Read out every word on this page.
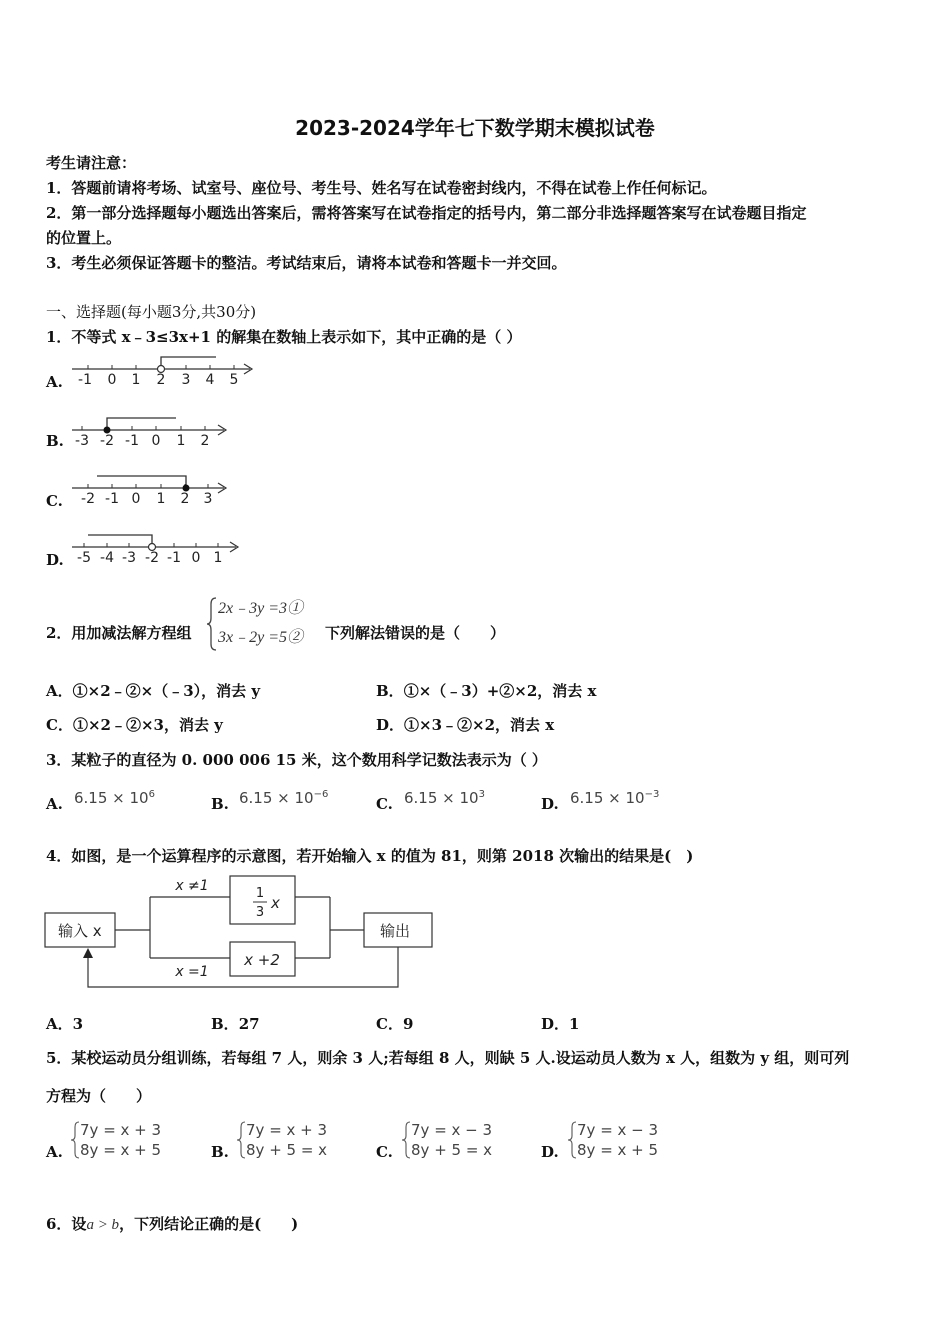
2023-2024学年七下数学期末模拟试卷
考生请注意：
1．答题前请将考场、试室号、座位号、考生号、姓名写在试卷密封线内，不得在试卷上作任何标记。
2．第一部分选择题每小题选出答案后，需将答案写在试卷指定的括号内，第二部分非选择题答案写在试卷题目指定
的位置上。
3．考生必须保证答题卡的整洁。考试结束后，请将本试卷和答题卡一并交回。
一、选择题(每小题3分,共30分)
1．不等式 x﹣3≤3x+1 的解集在数轴上表示如下，其中正确的是（ ）
A. -1 0 1 2 3 4 5
B. -3 -2 -1 0 1 2
C. -2 -1 0 1 2 3
D. -5 -4 -3 -2 -1 0 1
2．用加减法解方程组
2x﹣3y =3①
3x﹣2y =5② 下列解法错误的是（　　）
A．①×2﹣②×（﹣3），消去 y	B．①×（﹣3）+②×2，消去 x
C．①×2﹣②×3，消去 y	D．①×3﹣②×2，消去 x
3．某粒子的直径为 0. 000 006 15 米，这个数用科学记数法表示为（ ）
A. $6.15 \times 10^6$
B. $6.15 \times 10^{-6}$
C. $6.15 \times 10^3$
D. $6.15 \times 10^{-3}$
4．如图，是一个运算程序的示意图，若开始输入 x 的值为 81，则第 2018 次输出的结果是(　)
输入 x	输出
1
3
x
x +2
x ≠1
x =1
A．3	B．27	C．9	D．1
5．某校运动员分组训练，若每组 7 人，则余 3 人;若每组 8 人，则缺 5 人.设运动员人数为 x 人，组数为 y 组，则可列
方程为（　　）
A.
7y = x + 3
8y = x + 5	B.
7y = x + 3
8y + 5 = x	C.
7y = x − 3
8y + 5 = x	D.
7y = x − 3
8y = x + 5
6．设a > b，下列结论正确的是(　　)
